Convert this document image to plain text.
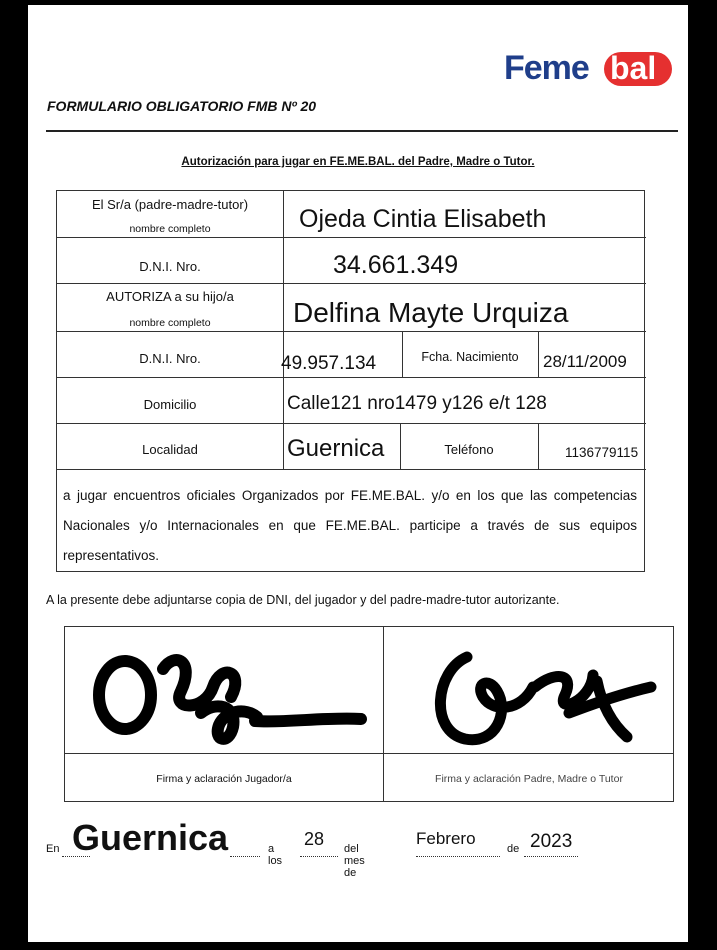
Feme bal
FORMULARIO OBLIGATORIO FMB Nº 20
Autorización para jugar en FE.ME.BAL. del Padre, Madre o Tutor.
El Sr/a (padre-madre-tutor)
nombre completo	Ojeda Cintia Elisabeth
D.N.I. Nro.	34.661.349
AUTORIZA a su hijo/a
nombre completo	Delfina Mayte Urquiza
D.N.I. Nro.	49.957.134	Fcha. Nacimiento	28/11/2009
Domicilio	Calle121 nro1479 y126 e/t 128
Localidad	Guernica	Teléfono	1136779115
a jugar encuentros oficiales Organizados por FE.ME.BAL. y/o en los que las competencias Nacionales y/o Internacionales en que FE.ME.BAL. participe a través de sus equipos representativos.
A la presente debe adjuntarse copia de DNI, del jugador y del padre-madre-tutor autorizante.
Firma y aclaración Jugador/a	Firma y aclaración Padre, Madre o Tutor
En Guernica	a los
28 del mes de
Febrero
de 2023
